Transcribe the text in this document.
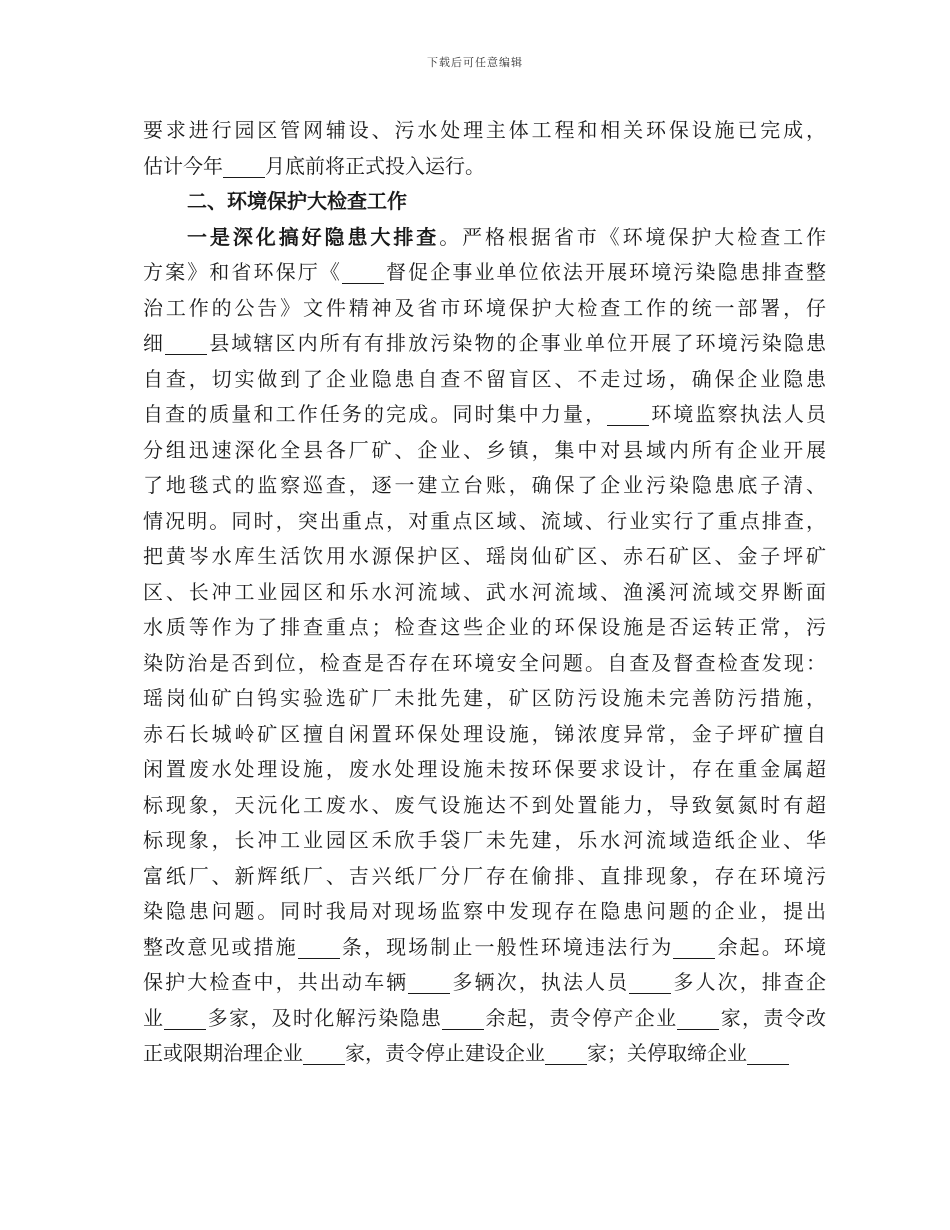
下载后可任意编辑
要求进行园区管网辅设、污水处理主体工程和相关环保设施已完成，
估计今年 月底前将正式投入运行。
二、环境保护大检查工作
一是深化搞好隐患大排查。严格根据省市《环境保护大检查工作
方案》和省环保厅《 督促企事业单位依法开展环境污染隐患排查整
治工作的公告》文件精神及省市环境保护大检查工作的统一部署，仔
细 县域辖区内所有有排放污染物的企事业单位开展了环境污染隐患
自查，切实做到了企业隐患自查不留盲区、不走过场，确保企业隐患
自查的质量和工作任务的完成。同时集中力量， 环境监察执法人员
分组迅速深化全县各厂矿、企业、乡镇，集中对县域内所有企业开展
了地毯式的监察巡查，逐一建立台账，确保了企业污染隐患底子清、
情况明。同时，突出重点，对重点区域、流域、行业实行了重点排查，
把黄岑水库生活饮用水源保护区、瑶岗仙矿区、赤石矿区、金子坪矿
区、长冲工业园区和乐水河流域、武水河流域、渔溪河流域交界断面
水质等作为了排查重点；检查这些企业的环保设施是否运转正常，污
染防治是否到位，检查是否存在环境安全问题。自查及督查检查发现：
瑶岗仙矿白钨实验选矿厂未批先建，矿区防污设施未完善防污措施，
赤石长城岭矿区擅自闲置环保处理设施，锑浓度异常，金子坪矿擅自
闲置废水处理设施，废水处理设施未按环保要求设计，存在重金属超
标现象，天沅化工废水、废气设施达不到处置能力，导致氨氮时有超
标现象，长冲工业园区禾欣手袋厂未先建，乐水河流域造纸企业、华
富纸厂、新辉纸厂、吉兴纸厂分厂存在偷排、直排现象，存在环境污
染隐患问题。同时我局对现场监察中发现存在隐患问题的企业，提出
整改意见或措施 条，现场制止一般性环境违法行为 余起。环境
保护大检查中，共出动车辆 多辆次，执法人员 多人次，排查企
业 多家，及时化解污染隐患 余起，责令停产企业 家，责令改
正或限期治理企业 家，责令停止建设企业 家；关停取缔企业
